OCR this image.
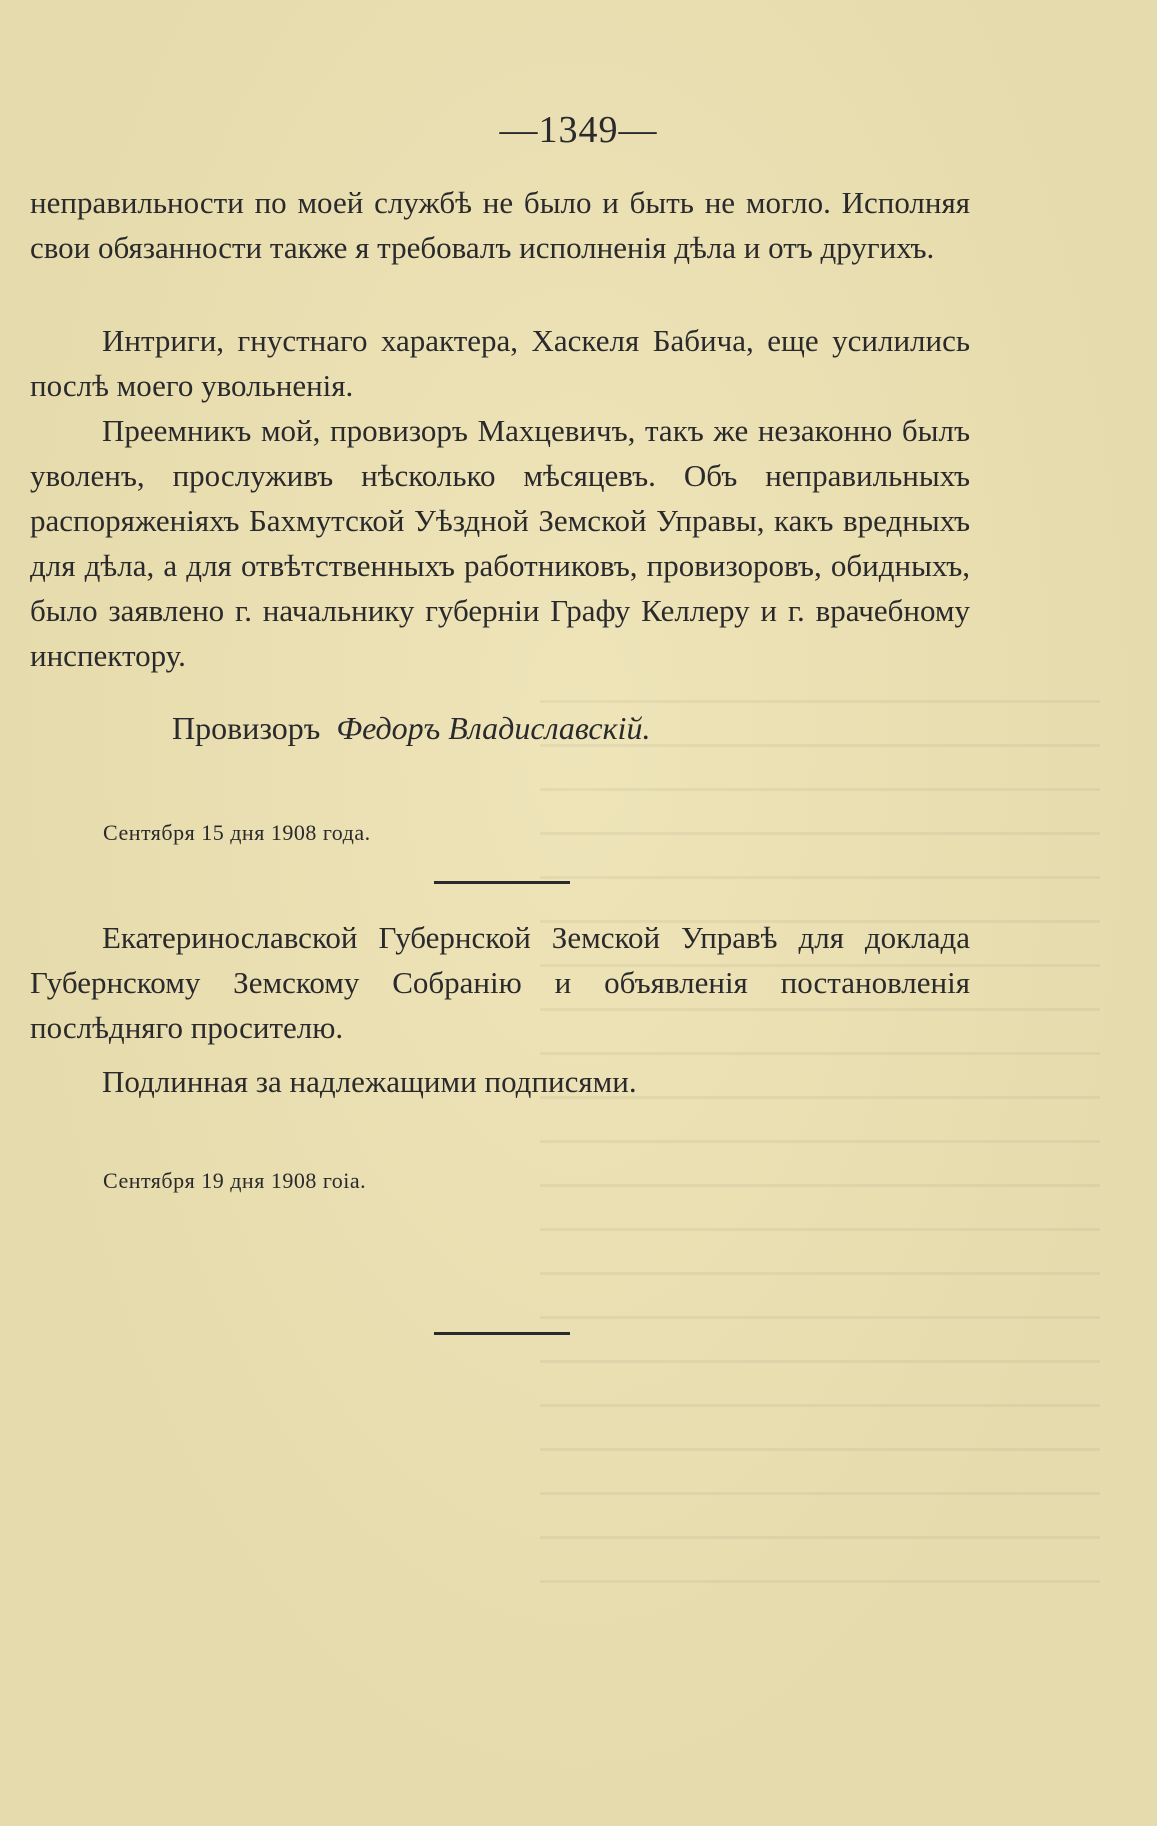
—1349—

неправильности по моей службѣ не было и быть не могло. Исполняя свои обязанности также я требовалъ исполненія дѣла и отъ другихъ.

Интриги, гнустнаго характера, Хаскеля Бабича, еще усилились послѣ моего увольненія.

Преемникъ мой, провизоръ Махцевичъ, такъ же незаконно былъ уволенъ, прослуживъ нѣсколько мѣсяцевъ. Объ неправильныхъ распоряженіяхъ Бахмутской Уѣздной Земской Управы, какъ вредныхъ для дѣла, а для отвѣтственныхъ работниковъ, провизоровъ, обидныхъ, было заявлено г. начальнику губерніи Графу Келлеру и г. врачебному инспектору.

Провизоръ Федоръ Владиславскій.
Сентября 15 дня 1908 года.

Екатеринославской Губернской Земской Управѣ для доклада Губернскому Земскому Собранію и объявленія постановленія послѣдняго просителю.

Подлинная за надлежащими подписями.

Сентября 19 дня 1908 гоіа.
